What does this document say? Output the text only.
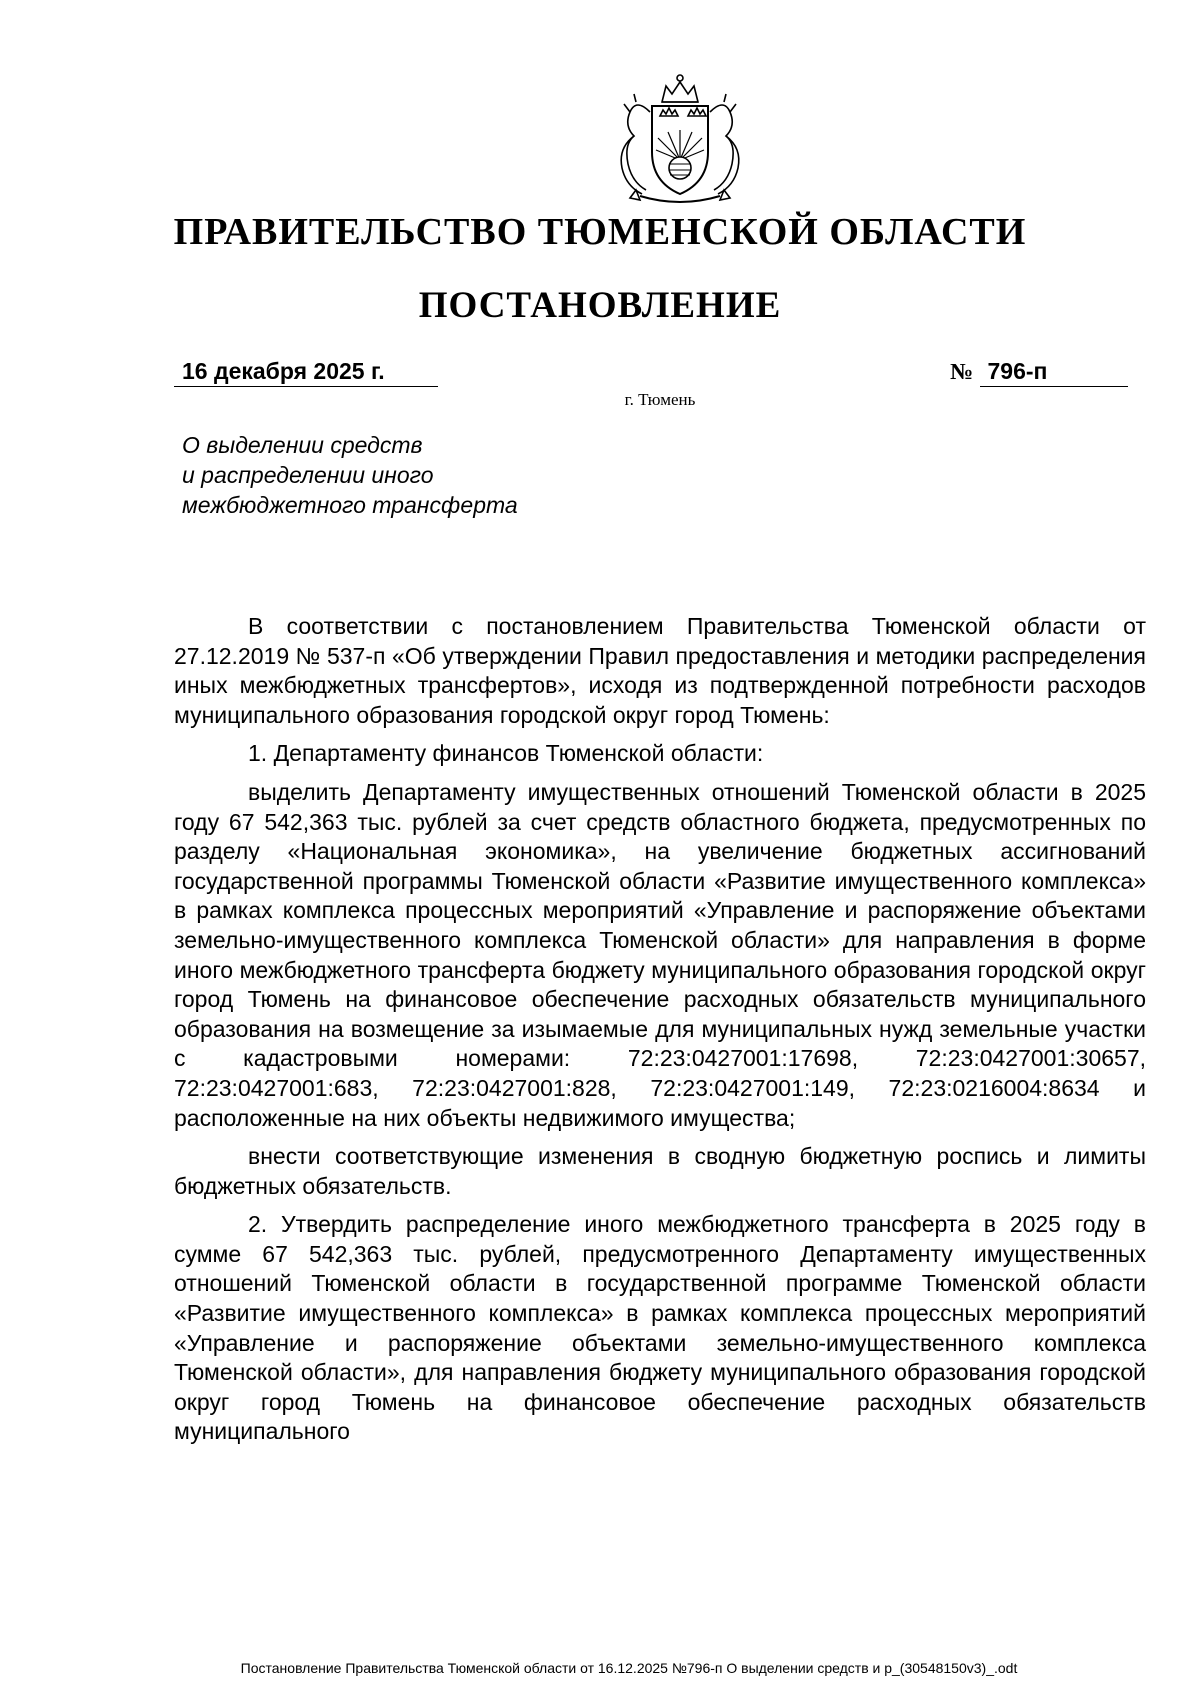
ПРАВИТЕЛЬСТВО ТЮМЕНСКОЙ ОБЛАСТИ
ПОСТАНОВЛЕНИЕ
16 декабря 2025 г.	№ 796-п
г. Тюмень
О выделении средств
и распределении иного
межбюджетного трансферта

В соответствии с постановлением Правительства Тюменской области от 27.12.2019 № 537-п «Об утверждении Правил предоставления и методики распределения иных межбюджетных трансфертов», исходя из подтвержденной потребности расходов муниципального образования городской округ город Тюмень:

1. Департаменту финансов Тюменской области:

выделить Департаменту имущественных отношений Тюменской области в 2025 году 67 542,363 тыс. рублей за счет средств областного бюджета, предусмотренных по разделу «Национальная экономика», на увеличение бюджетных ассигнований государственной программы Тюменской области «Развитие имущественного комплекса» в рамках комплекса процессных мероприятий «Управление и распоряжение объектами земельно-имущественного комплекса Тюменской области» для направления в форме иного межбюджетного трансферта бюджету муниципального образования городской округ город Тюмень на финансовое обеспечение расходных обязательств муниципального образования на возмещение за изымаемые для муниципальных нужд земельные участки с кадастровыми номерами: 72:23:0427001:17698, 72:23:0427001:30657, 72:23:0427001:683, 72:23:0427001:828, 72:23:0427001:149, 72:23:0216004:8634 и расположенные на них объекты недвижимого имущества;

внести соответствующие изменения в сводную бюджетную роспись и лимиты бюджетных обязательств.

2. Утвердить распределение иного межбюджетного трансферта в 2025 году в сумме 67 542,363 тыс. рублей, предусмотренного Департаменту имущественных отношений Тюменской области в государственной программе Тюменской области «Развитие имущественного комплекса» в рамках комплекса процессных мероприятий «Управление и распоряжение объектами земельно-имущественного комплекса Тюменской области», для направления бюджету муниципального образования городской округ город Тюмень на финансовое обеспечение расходных обязательств муниципального

Постановление Правительства Тюменской области от 16.12.2025 №796-п О выделении средств и р_(30548150v3)_.odt
